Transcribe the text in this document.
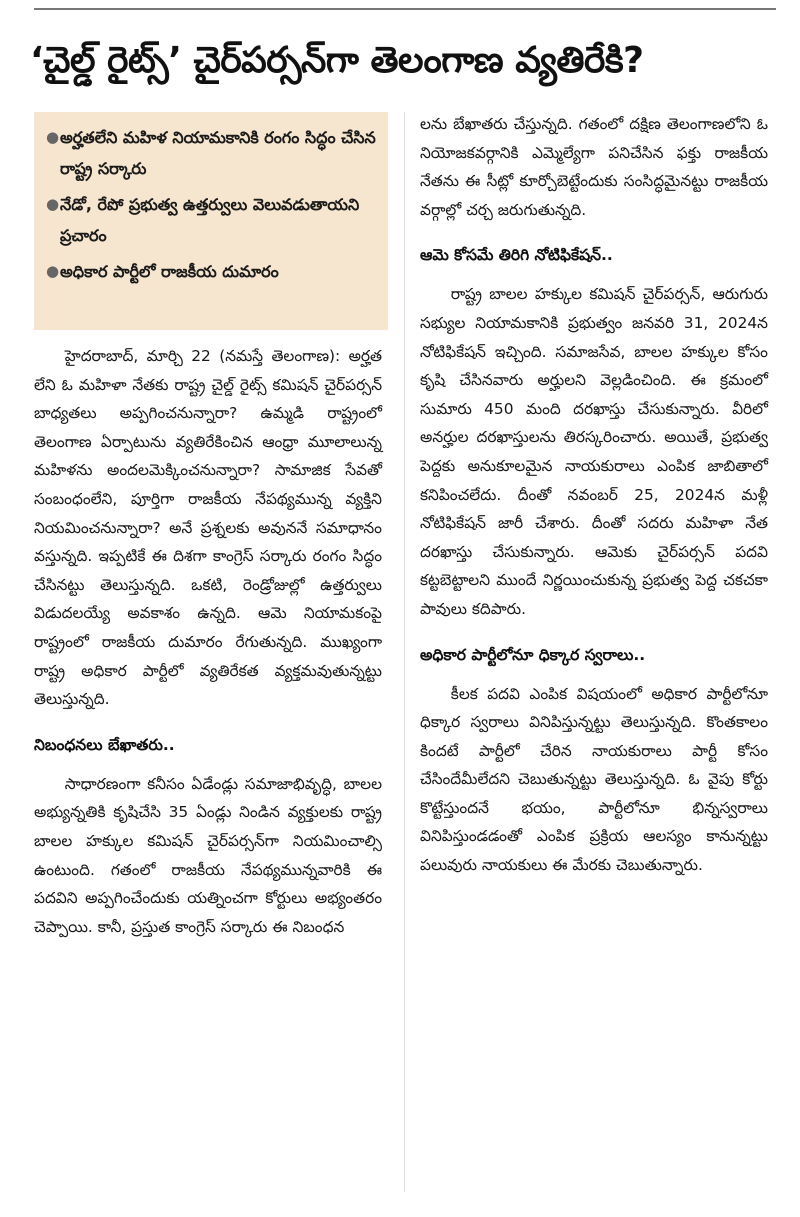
‘చైల్డ్ రైట్స్’ చైర్‌పర్సన్‌గా తెలంగాణ వ్యతిరేకి?
● అర్హతలేని మహిళ నియామకానికి రంగం సిద్ధం చేసిన రాష్ట్ర సర్కారు
● నేడో, రేపో ప్రభుత్వ ఉత్తర్వులు వెలువడుతాయని ప్రచారం
● అధికార పార్టీలో రాజకీయ దుమారం

హైదరాబాద్, మార్చి 22 (నమస్తే తెలంగాణ): అర్హత లేని ఓ మహిళా నేతకు రాష్ట్ర చైల్డ్ రైట్స్ కమిషన్ చైర్‌పర్సన్ బాధ్యతలు అప్పగించనున్నారా? ఉమ్మడి రాష్ట్రంలో తెలంగాణ ఏర్పాటును వ్యతిరేకించిన ఆంధ్రా మూలాలున్న మహిళను అందలమెక్కించనున్నారా? సామాజిక సేవతో సంబంధంలేని, పూర్తిగా రాజకీయ నేపథ్యమున్న వ్యక్తిని నియమించనున్నారా? అనే ప్రశ్నలకు అవుననే సమాధానం వస్తున్నది. ఇప్పటికే ఈ దిశగా కాంగ్రెస్ సర్కారు రంగం సిద్ధం చేసినట్టు తెలుస్తున్నది. ఒకటి, రెండ్రోజుల్లో ఉత్తర్వులు విడుదలయ్యే అవకాశం ఉన్నది. ఆమె నియామకంపై రాష్ట్రంలో రాజకీయ దుమారం రేగుతున్నది. ముఖ్యంగా రాష్ట్ర అధికార పార్టీలో వ్యతిరేకత వ్యక్తమవుతున్నట్టు తెలుస్తున్నది.

నిబంధనలు బేఖాతరు..

సాధారణంగా కనీసం ఏడేండ్లు సమాజాభివృద్ధి, బాలల అభ్యున్నతికి కృషిచేసి 35 ఏండ్లు నిండిన వ్యక్తులకు రాష్ట్ర బాలల హక్కుల కమిషన్ చైర్‌పర్సన్‌గా నియమించాల్సి ఉంటుంది. గతంలో రాజకీయ నేపథ్యమున్నవారికి ఈ పదవిని అప్పగించేందుకు యత్నించగా కోర్టులు అభ్యంతరం చెప్పాయి. కానీ, ప్రస్తుత కాంగ్రెస్ సర్కారు ఈ నిబంధన

లను బేఖాతరు చేస్తున్నది. గతంలో దక్షిణ తెలంగాణలోని ఓ నియోజకవర్గానికి ఎమ్మెల్యేగా పనిచేసిన ఫక్తు రాజకీయ నేతను ఈ సీట్లో కూర్చోబెట్టేందుకు సంసిద్ధమైనట్టు రాజకీయ వర్గాల్లో చర్చ జరుగుతున్నది.

ఆమె కోసమే తిరిగి నోటిఫికేషన్..

రాష్ట్ర బాలల హక్కుల కమిషన్ చైర్‌పర్సన్, ఆరుగురు సభ్యుల నియామకానికి ప్రభుత్వం జనవరి 31, 2024న నోటిఫికేషన్ ఇచ్చింది. సమాజసేవ, బాలల హక్కుల కోసం కృషి చేసినవారు అర్హులని వెల్లడించింది. ఈ క్రమంలో సుమారు 450 మంది దరఖాస్తు చేసుకున్నారు. వీరిలో అనర్హుల దరఖాస్తులను తిరస్కరించారు. అయితే, ప్రభుత్వ పెద్దకు అనుకూలమైన నాయకురాలు ఎంపిక జాబితాలో కనిపించలేదు. దీంతో నవంబర్ 25, 2024న మళ్లీ నోటిఫికేషన్ జారీ చేశారు. దీంతో సదరు మహిళా నేత దరఖాస్తు చేసుకున్నారు. ఆమెకు చైర్‌పర్సన్ పదవి కట్టబెట్టాలని ముందే నిర్ణయించుకున్న ప్రభుత్వ పెద్ద చకచకా పావులు కదిపారు.

అధికార పార్టీలోనూ ధిక్కార స్వరాలు..

కీలక పదవి ఎంపిక విషయంలో అధికార పార్టీలోనూ ధిక్కార స్వరాలు వినిపిస్తున్నట్టు తెలుస్తున్నది. కొంతకాలం కిందటే పార్టీలో చేరిన నాయకురాలు పార్టీ కోసం చేసిందేమీలేదని చెబుతున్నట్టు తెలుస్తున్నది. ఓ వైపు కోర్టు కొట్టేస్తుందనే భయం, పార్టీలోనూ భిన్నస్వరాలు వినిపిస్తుండడంతో ఎంపిక ప్రక్రియ ఆలస్యం కానున్నట్టు పలువురు నాయకులు ఈ మేరకు చెబుతున్నారు.
